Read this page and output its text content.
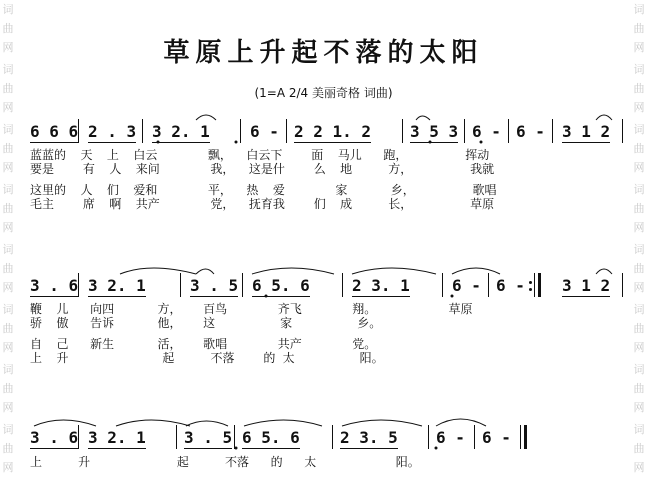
词
曲
网
词
曲
网
词
曲
网
词
曲
网
词
曲
网
词
曲
网
词
曲
网
词
曲
网
词
曲
网
词
曲
网
词
曲
网
词
曲
网
词
曲
网
词
曲
网
词
曲
网
词
曲
网
草原上升起不落的太阳
(1=A 2/4 美丽奇格 词曲)
6 6 6 2 . 3 3 2. 1	6 - 2 2 1. 2 3 5 3 6 - 6 - 3 1 2
蓝蓝的  天  上  白云       飘，  白云下    面  马儿   跑，        挥动
要是    有  人  来问       我，  这是什    么  地     方，        我就
这里的  人  们  爱和       平，  热  爱       家      乡，        歌唱
毛主    席  啊  共产       党，  抚育我    们  成     长，        草原
3 . 6 3 2. 1	3 . 5 6 5. 6	2 3. 1	6 - 6 - 3 1 2
鞭  儿   向四      方，   百鸟       齐飞       翔。          草原
骄  傲   告诉      他，   这         家         乡。
自  己   新生      活，   歌唱       共产       党。
上  升             起     不落    的 太         阳。
3 . 6 3 2. 1 3 . 5 6 5. 6	2 3. 5 6 - 6 -
上     升            起     不落   的   太           阳。
